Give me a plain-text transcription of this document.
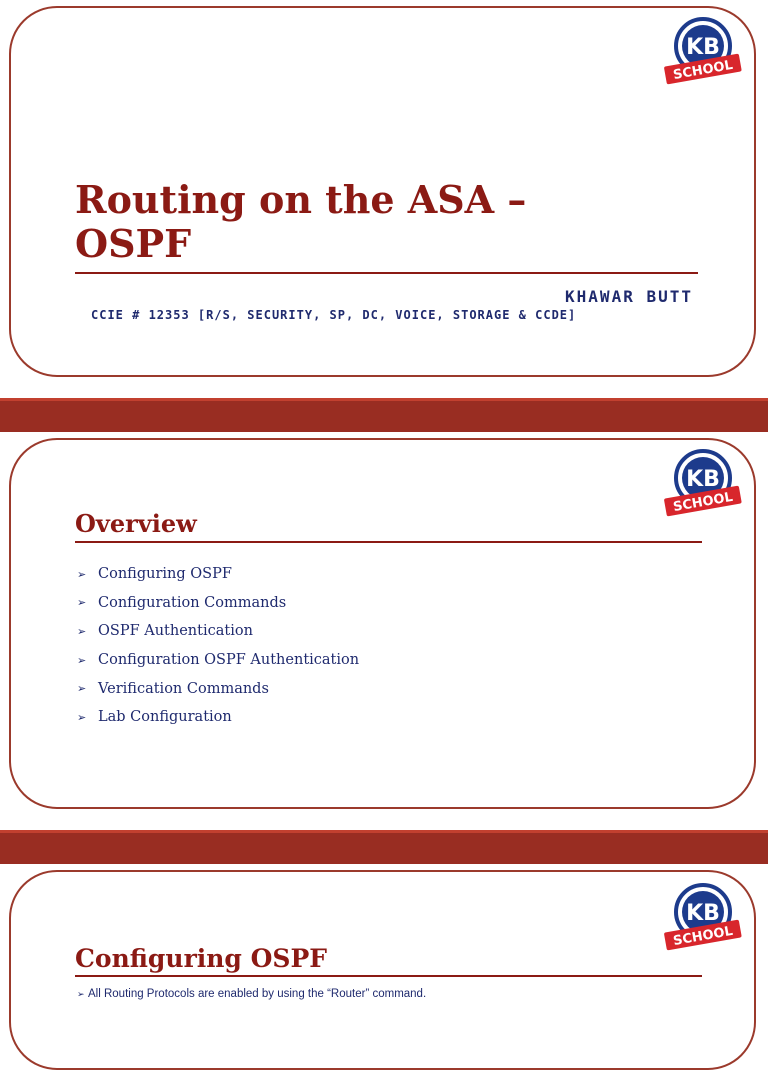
KB
SCHOOL
Routing on the ASA –
OSPF
KHAWAR BUTT
CCIE # 12353 [R/S, SECURITY, SP, DC, VOICE, STORAGE & CCDE]
KB
SCHOOL
Overview
➢ Configuring OSPF
➢ Configuration Commands
➢ OSPF Authentication
➢ Configuration OSPF Authentication
➢ Verification Commands
➢ Lab Configuration
KB
SCHOOL
Configuring OSPF
➢ All Routing Protocols are enabled by using the “Router” command.
